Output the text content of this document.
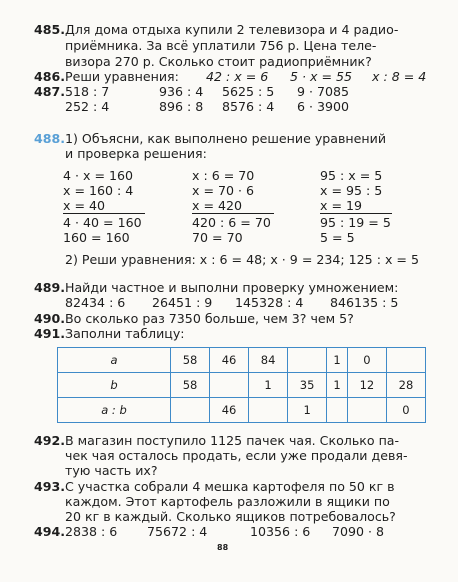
485. Для дома отдыха купили 2 телевизора и 4 радио-
приёмника. За всё уплатили 756 р. Цена теле-
визора 270 р. Сколько стоит радиоприёмник?
486. Реши уравнения: 42 : x = 6 5 · x = 55 x : 8 = 4
487. 518 : 7	936 : 4 5625 : 5 9 · 7085
252 : 4	896 : 8 8576 : 4 6 · 3900
488. 1) Объясни, как выполнено решение уравнений
и проверка решения:
4 · x = 160
x = 160 : 4
x = 40
4 · 40 = 160
160 = 160
x : 6 = 70
x = 70 · 6
x = 420
420 : 6 = 70
70 = 70
95 : x = 5
x = 95 : 5
x = 19
95 : 19 = 5
5 = 5
2) Реши уравнения: x : 6 = 48; x · 9 = 234; 125 : x = 5
489. Найди частное и выполни проверку умножением:
82434 : 6 26451 : 9 145328 : 4 846135 : 5
490. Во сколько раз 7350 больше, чем 3? чем 5?
491. Заполни таблицу:
a	58	46	84		1	0	
b	58		1	35	1	12	28
a : b		46		1			0
492. В магазин поступило 1125 пачек чая. Сколько па-
чек чая осталось продать, если уже продали девя-
тую часть их?
493. С участка собрали 4 мешка картофеля по 50 кг в
каждом. Этот картофель разложили в ящики по
20 кг в каждый. Сколько ящиков потребовалось?
494. 2838 : 6 75672 : 4	10356 : 6 7090 · 8
88
